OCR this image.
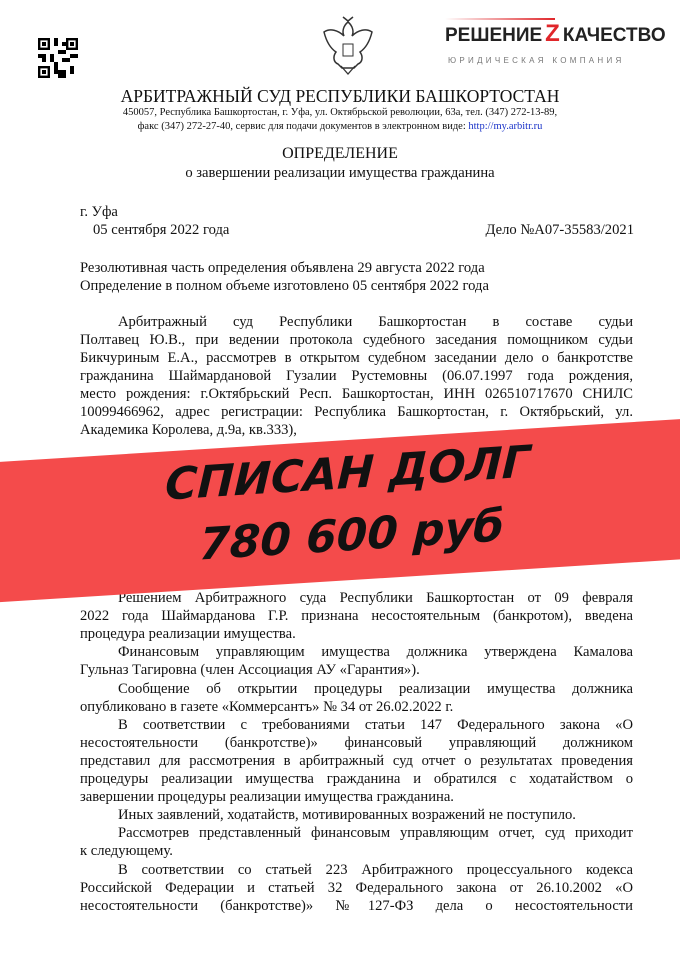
РЕШЕНИЕ Z КАЧЕСТВО
ЮРИДИЧЕСКАЯ КОМПАНИЯ
АРБИТРАЖНЫЙ СУД РЕСПУБЛИКИ БАШКОРТОСТАН
450057, Республика Башкортостан, г. Уфа, ул. Октябрьской революции, 63а, тел. (347) 272-13-89,
факс (347) 272-27-40, сервис для подачи документов в электронном виде: http://my.arbitr.ru
ОПРЕДЕЛЕНИЕ
о завершении реализации имущества гражданина
г. Уфа
05 сентября 2022 года	Дело №А07-35583/2021
Резолютивная часть определения объявлена 29 августа 2022 года
Определение в полном объеме изготовлено 05 сентября 2022 года
Арбитражный суд Республики Башкортостан в составе судьи
Полтавец Ю.В., при ведении протокола судебного заседания помощником судьи
Бикчуриным Е.А., рассмотрев в открытом судебном заседании дело о банкротстве
гражданина Шаймардановой Гузалии Рустемовны (06.07.1997 года рождения,
место рождения: г.Октябрьский Респ. Башкортостан, ИНН 026510717670 СНИЛС
10099466962, адрес регистрации: Республика Башкортостан, г. Октябрьский, ул.
Академика Королева, д.9а, кв.333),
Решением Арбитражного суда Республики Башкортостан от 09 февраля
2022 года Шаймарданова Г.Р. признана несостоятельным (банкротом), введена
процедура реализации имущества.
Финансовым управляющим имущества должника утверждена Камалова
Гульназ Тагировна (член Ассоциация АУ «Гарантия»).
Сообщение об открытии процедуры реализации имущества должника
опубликовано в газете «Коммерсантъ» № 34 от 26.02.2022 г.
В соответствии с требованиями статьи 147 Федерального закона «О
несостоятельности (банкротстве)» финансовый управляющий должником
представил для рассмотрения в арбитражный суд отчет о результатах проведения
процедуры реализации имущества гражданина и обратился с ходатайством о
завершении процедуры реализации имущества гражданина.
Иных заявлений, ходатайств, мотивированных возражений не поступило.
Рассмотрев представленный финансовым управляющим отчет, суд приходит
к следующему.
В соответствии со статьей 223 Арбитражного процессуального кодекса
Российской Федерации и статьей 32 Федерального закона от 26.10.2002 «О
несостоятельности (банкротстве)» №127-ФЗ дела о несостоятельности
СПИСАН ДОЛГ
780 600 руб
